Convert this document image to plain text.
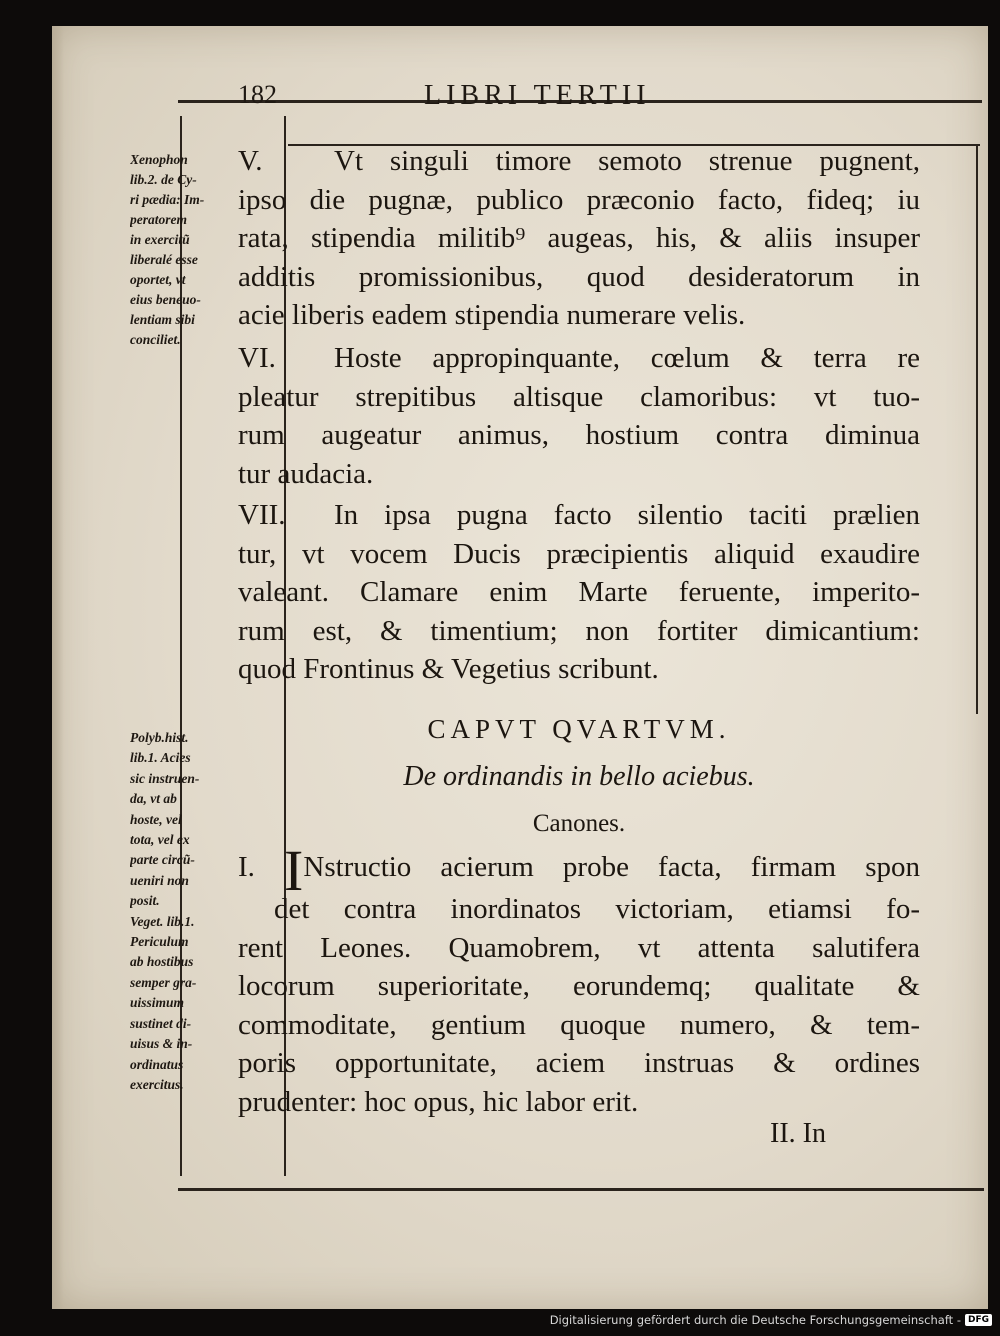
182	LIBRI TERTII
Xenophon
lib.2. de Cy-
ri pædia: Im-
peratorem
in exercitũ
liberalé esse
oportet, vt
eius beneuo-
lentiam sibi
conciliet.
Polyb.hist.
lib.1. Acies
sic instruen-
da, vt ab
hoste, vel
tota, vel ex
parte circũ-
ueniri non
posit.
Veget. lib.1.
Periculum
ab hostibus
semper gra-
uissimum
sustinet di-
uisus & in-
ordinatus
exercitus.
V. Vt singuli timore semoto strenue pugnent,
ipso die pugnæ, publico præconio facto, fideq; iu
rata, stipendia militib⁹ augeas, his, & aliis insuper
additis promissionibus, quod desideratorum in
acie liberis eadem stipendia numerare velis.
VI. Hoste appropinquante, cœlum & terra re
pleatur strepitibus altisque clamoribus: vt tuo-
rum augeatur animus, hostium contra diminua
tur audacia.
VII. In ipsa pugna facto silentio taciti prælien
tur, vt vocem Ducis præcipientis aliquid exaudire
valeant. Clamare enim Marte feruente, imperito-
rum est, & timentium; non fortiter dimicantium:
quod Frontinus & Vegetius scribunt.
CAPVT QVARTVM.
De ordinandis in bello aciebus.
Canones.
I. INstructio acierum probe facta, firmam spon
det contra inordinatos victoriam, etiamsi fo-
rent Leones. Quamobrem, vt attenta salutifera
locorum superioritate, eorundemq; qualitate &
commoditate, gentium quoque numero, & tem-
poris opportunitate, aciem instruas & ordines
prudenter: hoc opus, hic labor erit.
II. In
Digitalisierung gefördert durch die Deutsche Forschungsgemeinschaft - DFG
